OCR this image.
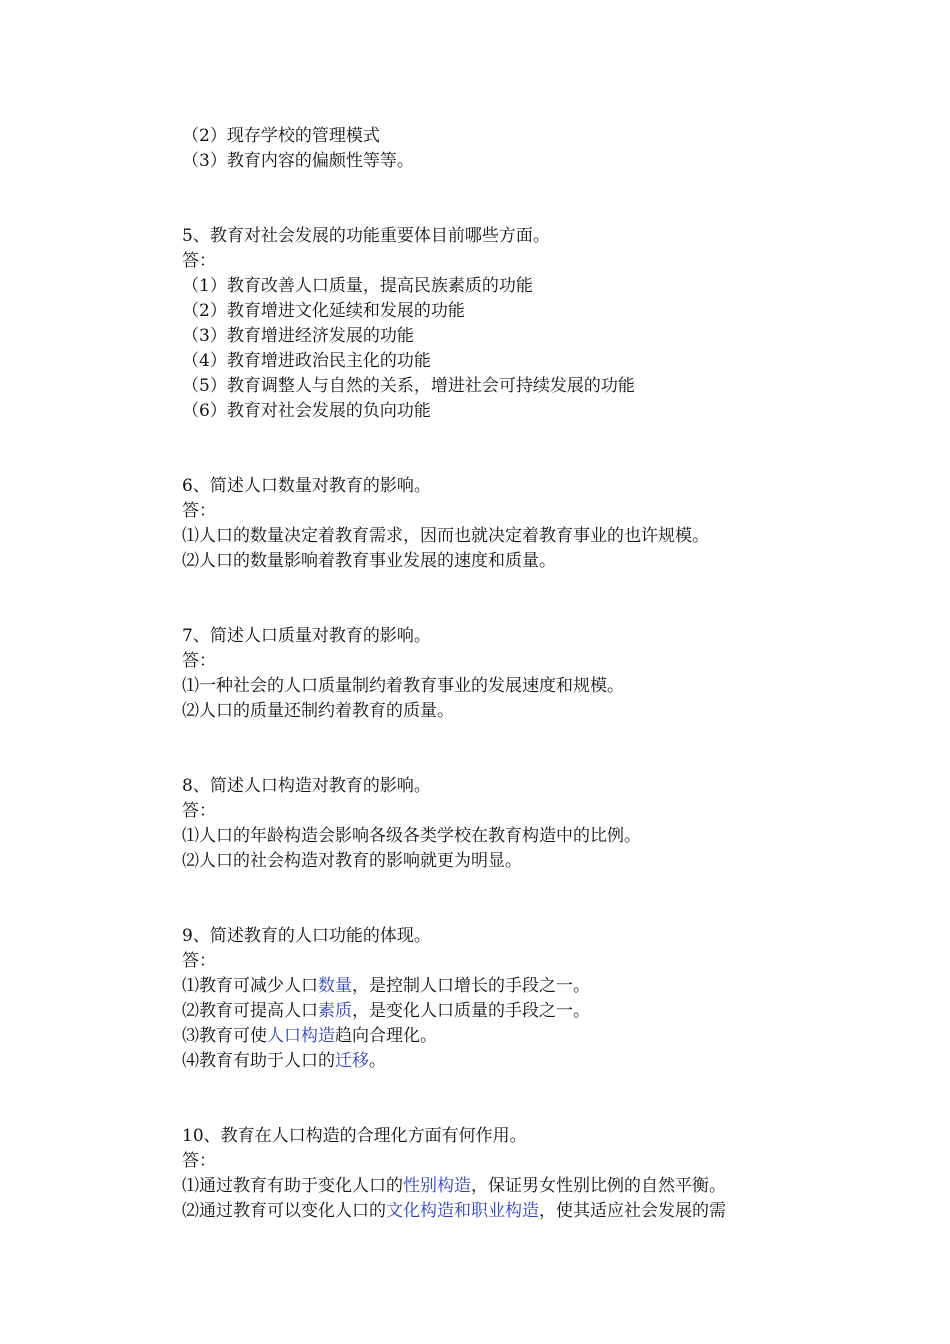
（2）现存学校的管理模式
（3）教育内容的偏颇性等等。
5、教育对社会发展的功能重要体目前哪些方面。
答：
（1）教育改善人口质量，提高民族素质的功能
（2）教育增进文化延续和发展的功能
（3）教育增进经济发展的功能
（4）教育增进政治民主化的功能
（5）教育调整人与自然的关系，增进社会可持续发展的功能
（6）教育对社会发展的负向功能
6、简述人口数量对教育的影响。
答：
⑴人口的数量决定着教育需求，因而也就决定着教育事业的也许规模。
⑵人口的数量影响着教育事业发展的速度和质量。
7、简述人口质量对教育的影响。
答：
⑴一种社会的人口质量制约着教育事业的发展速度和规模。
⑵人口的质量还制约着教育的质量。
8、简述人口构造对教育的影响。
答：
⑴人口的年龄构造会影响各级各类学校在教育构造中的比例。
⑵人口的社会构造对教育的影响就更为明显。
9、简述教育的人口功能的体现。
答：
⑴教育可减少人口数量，是控制人口增长的手段之一。
⑵教育可提高人口素质，是变化人口质量的手段之一。
⑶教育可使人口构造趋向合理化。
⑷教育有助于人口的迁移。
10、教育在人口构造的合理化方面有何作用。
答：
⑴通过教育有助于变化人口的性别构造，保证男女性别比例的自然平衡。
⑵通过教育可以变化人口的文化构造和职业构造，使其适应社会发展的需
